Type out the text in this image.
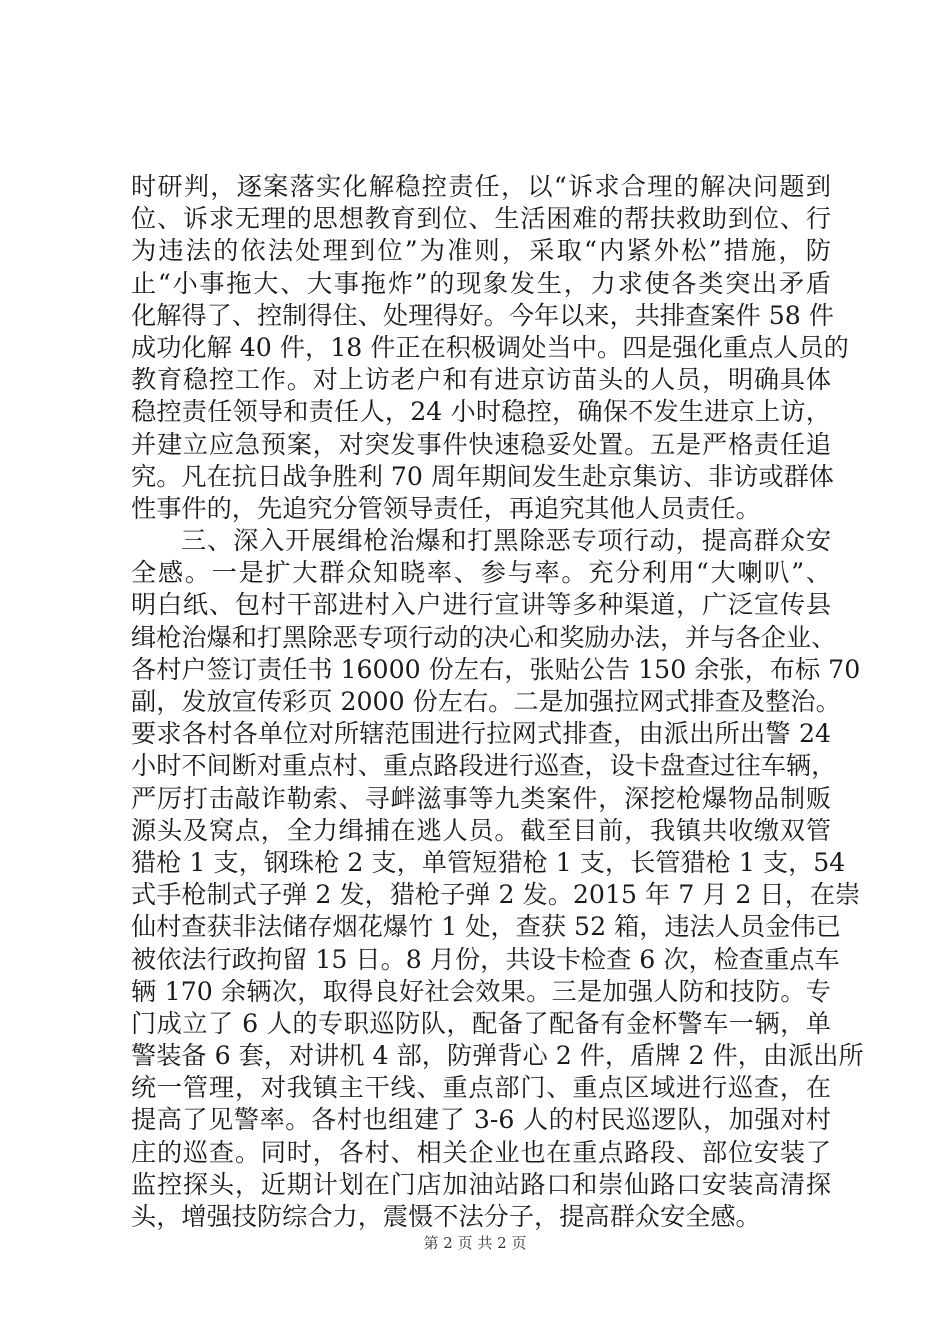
时研判，逐案落实化解稳控责任，以“诉求合理的解决问题到
位、诉求无理的思想教育到位、生活困难的帮扶救助到位、行
为违法的依法处理到位”为准则，采取“内紧外松”措施，防
止“小事拖大、大事拖炸”的现象发生，力求使各类突出矛盾
化解得了、控制得住、处理得好。今年以来，共排查案件 58 件
成功化解 40 件，18 件正在积极调处当中。四是强化重点人员的
教育稳控工作。对上访老户和有进京访苗头的人员，明确具体
稳控责任领导和责任人，24 小时稳控，确保不发生进京上访，
并建立应急预案，对突发事件快速稳妥处置。五是严格责任追
究。凡在抗日战争胜利 70 周年期间发生赴京集访、非访或群体
性事件的，先追究分管领导责任，再追究其他人员责任。
三、深入开展缉枪治爆和打黑除恶专项行动，提高群众安
全感。一是扩大群众知晓率、参与率。充分利用“大喇叭”、
明白纸、包村干部进村入户进行宣讲等多种渠道，广泛宣传县
缉枪治爆和打黑除恶专项行动的决心和奖励办法，并与各企业、
各村户签订责任书 16000 份左右，张贴公告 150 余张，布标 70
副，发放宣传彩页 2000 份左右。二是加强拉网式排查及整治。
要求各村各单位对所辖范围进行拉网式排查，由派出所出警 24
小时不间断对重点村、重点路段进行巡查，设卡盘查过往车辆，
严厉打击敲诈勒索、寻衅滋事等九类案件，深挖枪爆物品制贩
源头及窝点，全力缉捕在逃人员。截至目前，我镇共收缴双管
猎枪 1 支，钢珠枪 2 支，单管短猎枪 1 支，长管猎枪 1 支，54
式手枪制式子弹 2 发，猎枪子弹 2 发。2015 年 7 月 2 日，在崇
仙村查获非法储存烟花爆竹 1 处，查获 52 箱，违法人员金伟已
被依法行政拘留 15 日。8 月份，共设卡检查 6 次，检查重点车
辆 170 余辆次，取得良好社会效果。三是加强人防和技防。专
门成立了 6 人的专职巡防队，配备了配备有金杯警车一辆，单
警装备 6 套，对讲机 4 部，防弹背心 2 件，盾牌 2 件，由派出所
统一管理，对我镇主干线、重点部门、重点区域进行巡查，在
提高了见警率。各村也组建了 3-6 人的村民巡逻队，加强对村
庄的巡查。同时，各村、相关企业也在重点路段、部位安装了
监控探头，近期计划在门店加油站路口和崇仙路口安装高清探
头，增强技防综合力，震慑不法分子，提高群众安全感。
第 2 页 共 2 页
